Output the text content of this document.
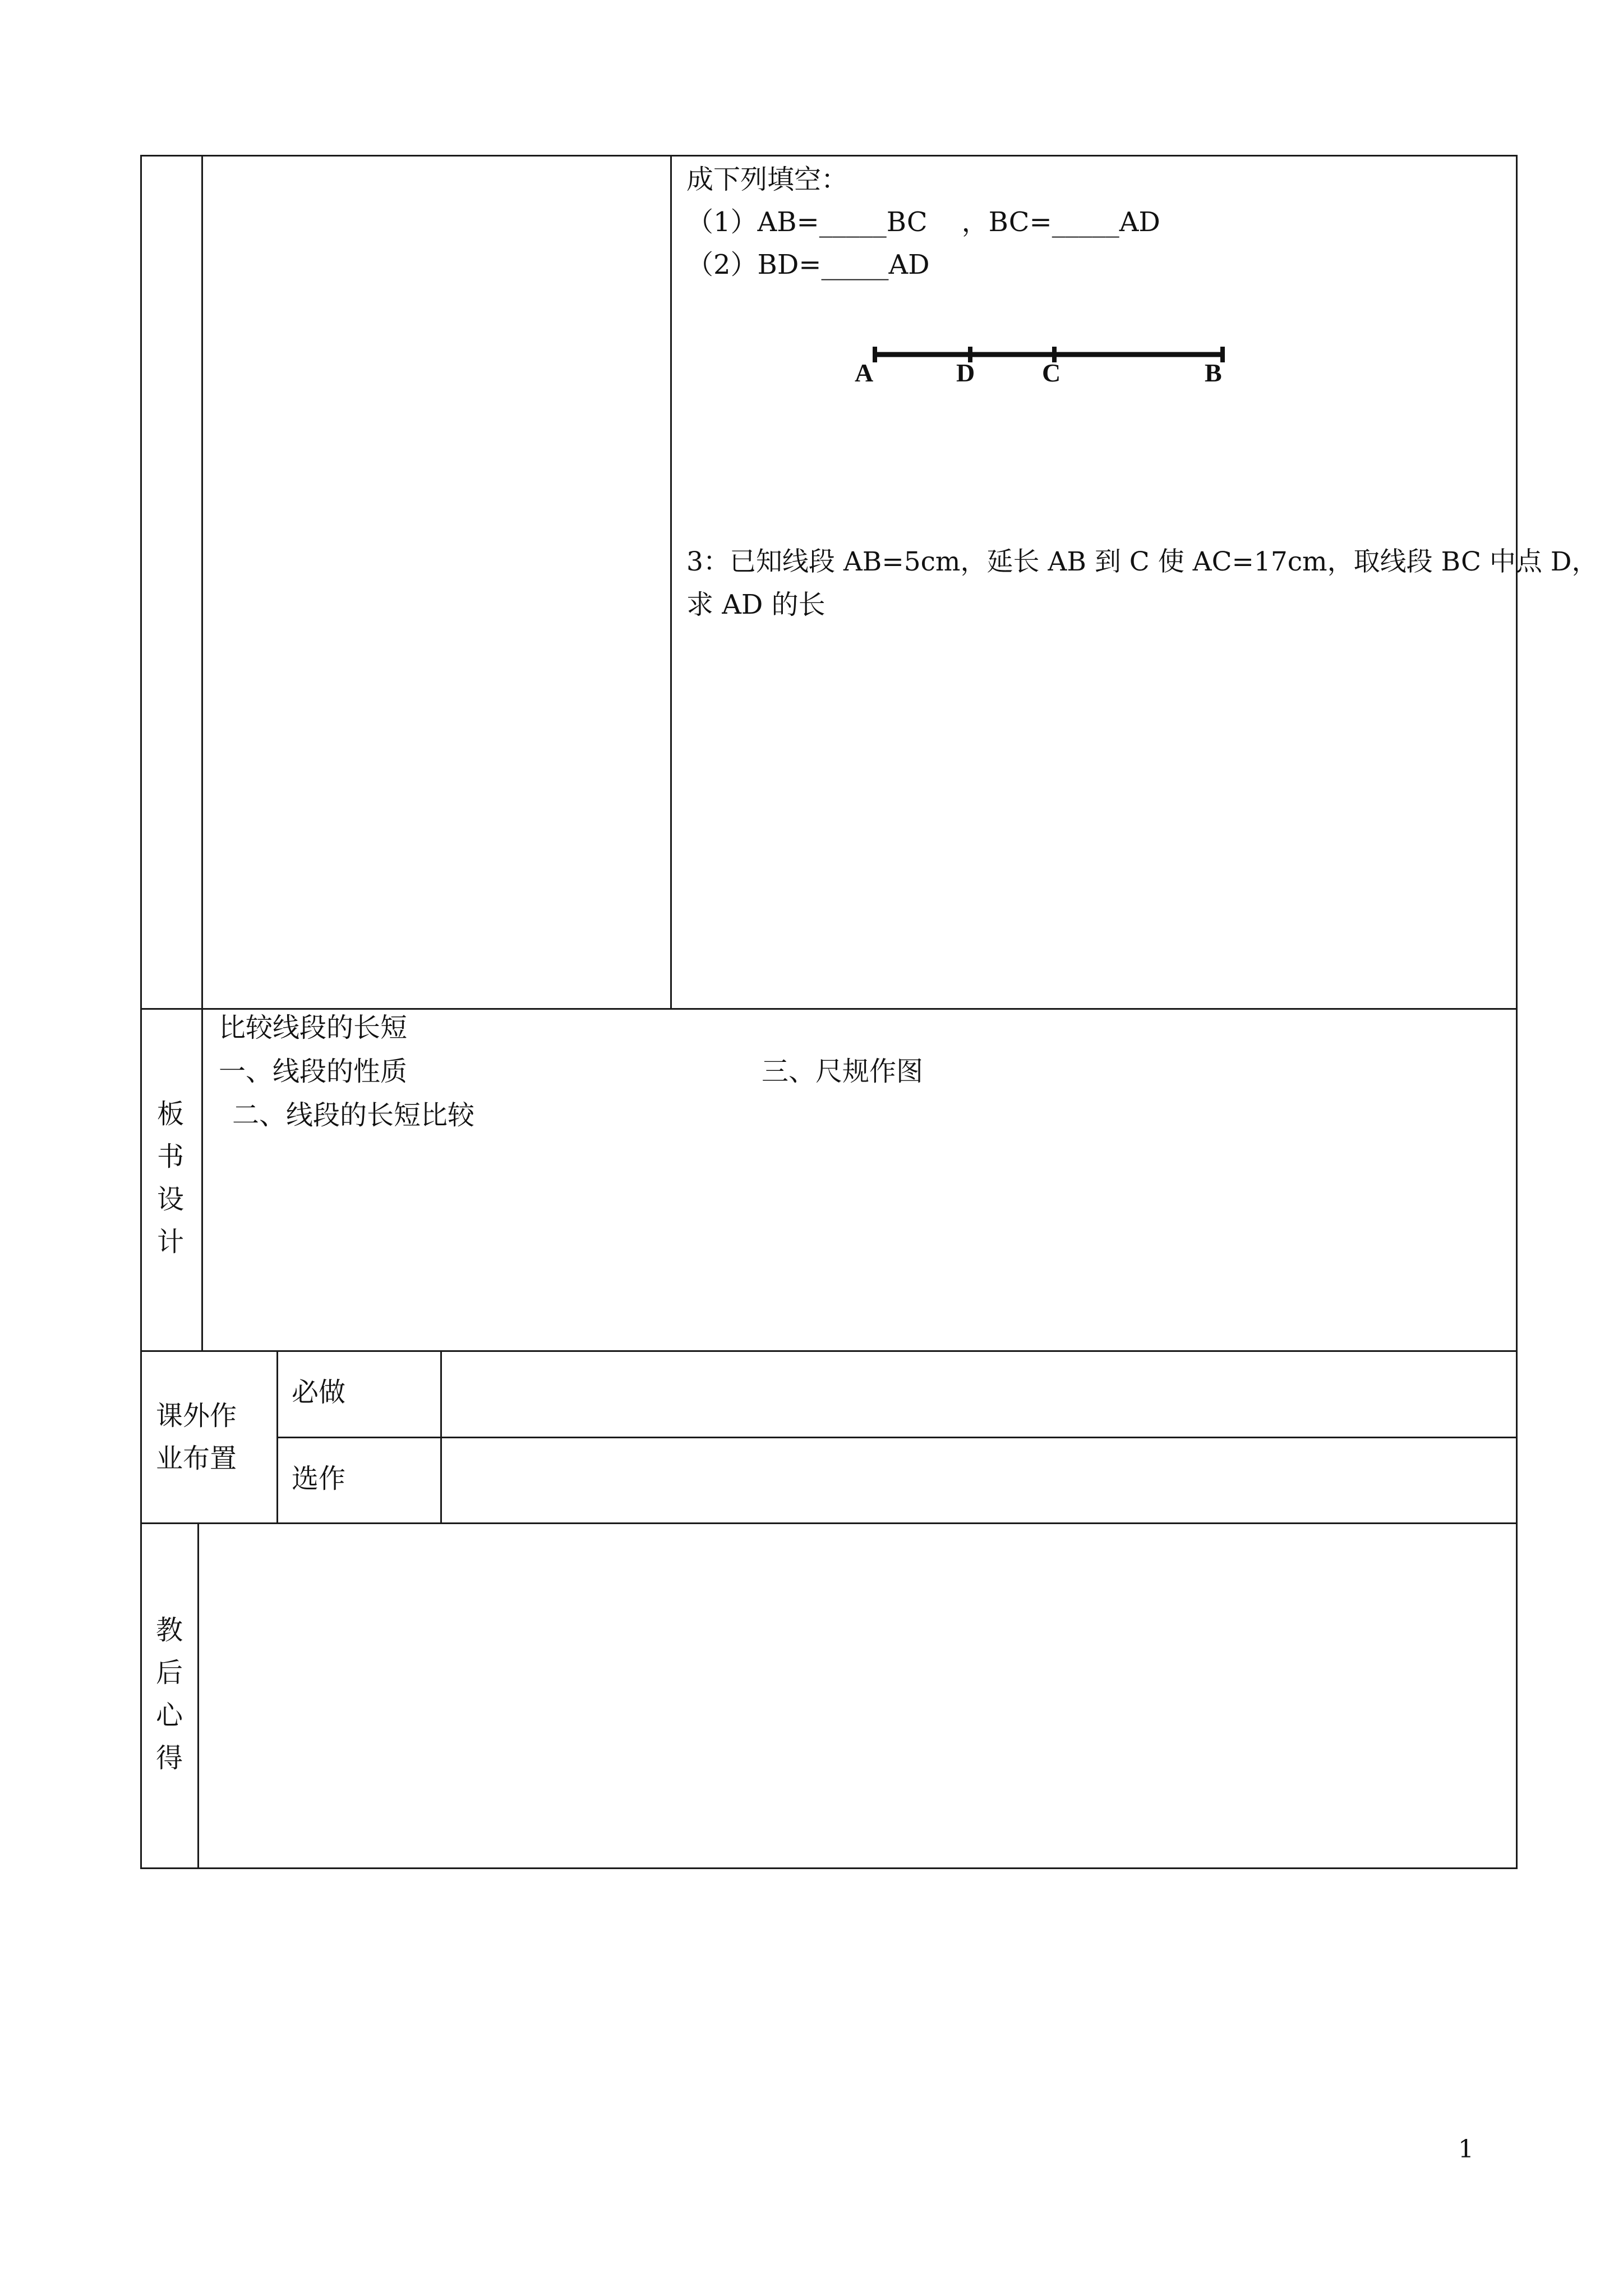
成下列填空：
（1）AB=_____BC    ，BC=_____AD
（2）BD=_____AD
A	D	C	B
3：已知线段 AB=5cm，延长 AB 到 C 使 AC=17cm，取线段 BC 中点 D，
求 AD 的长
板
书
设
计
比较线段的长短
一、线段的性质
二、线段的长短比较
三、尺规作图
课外作
业布置
必做
选作
教
后
心
得
1
